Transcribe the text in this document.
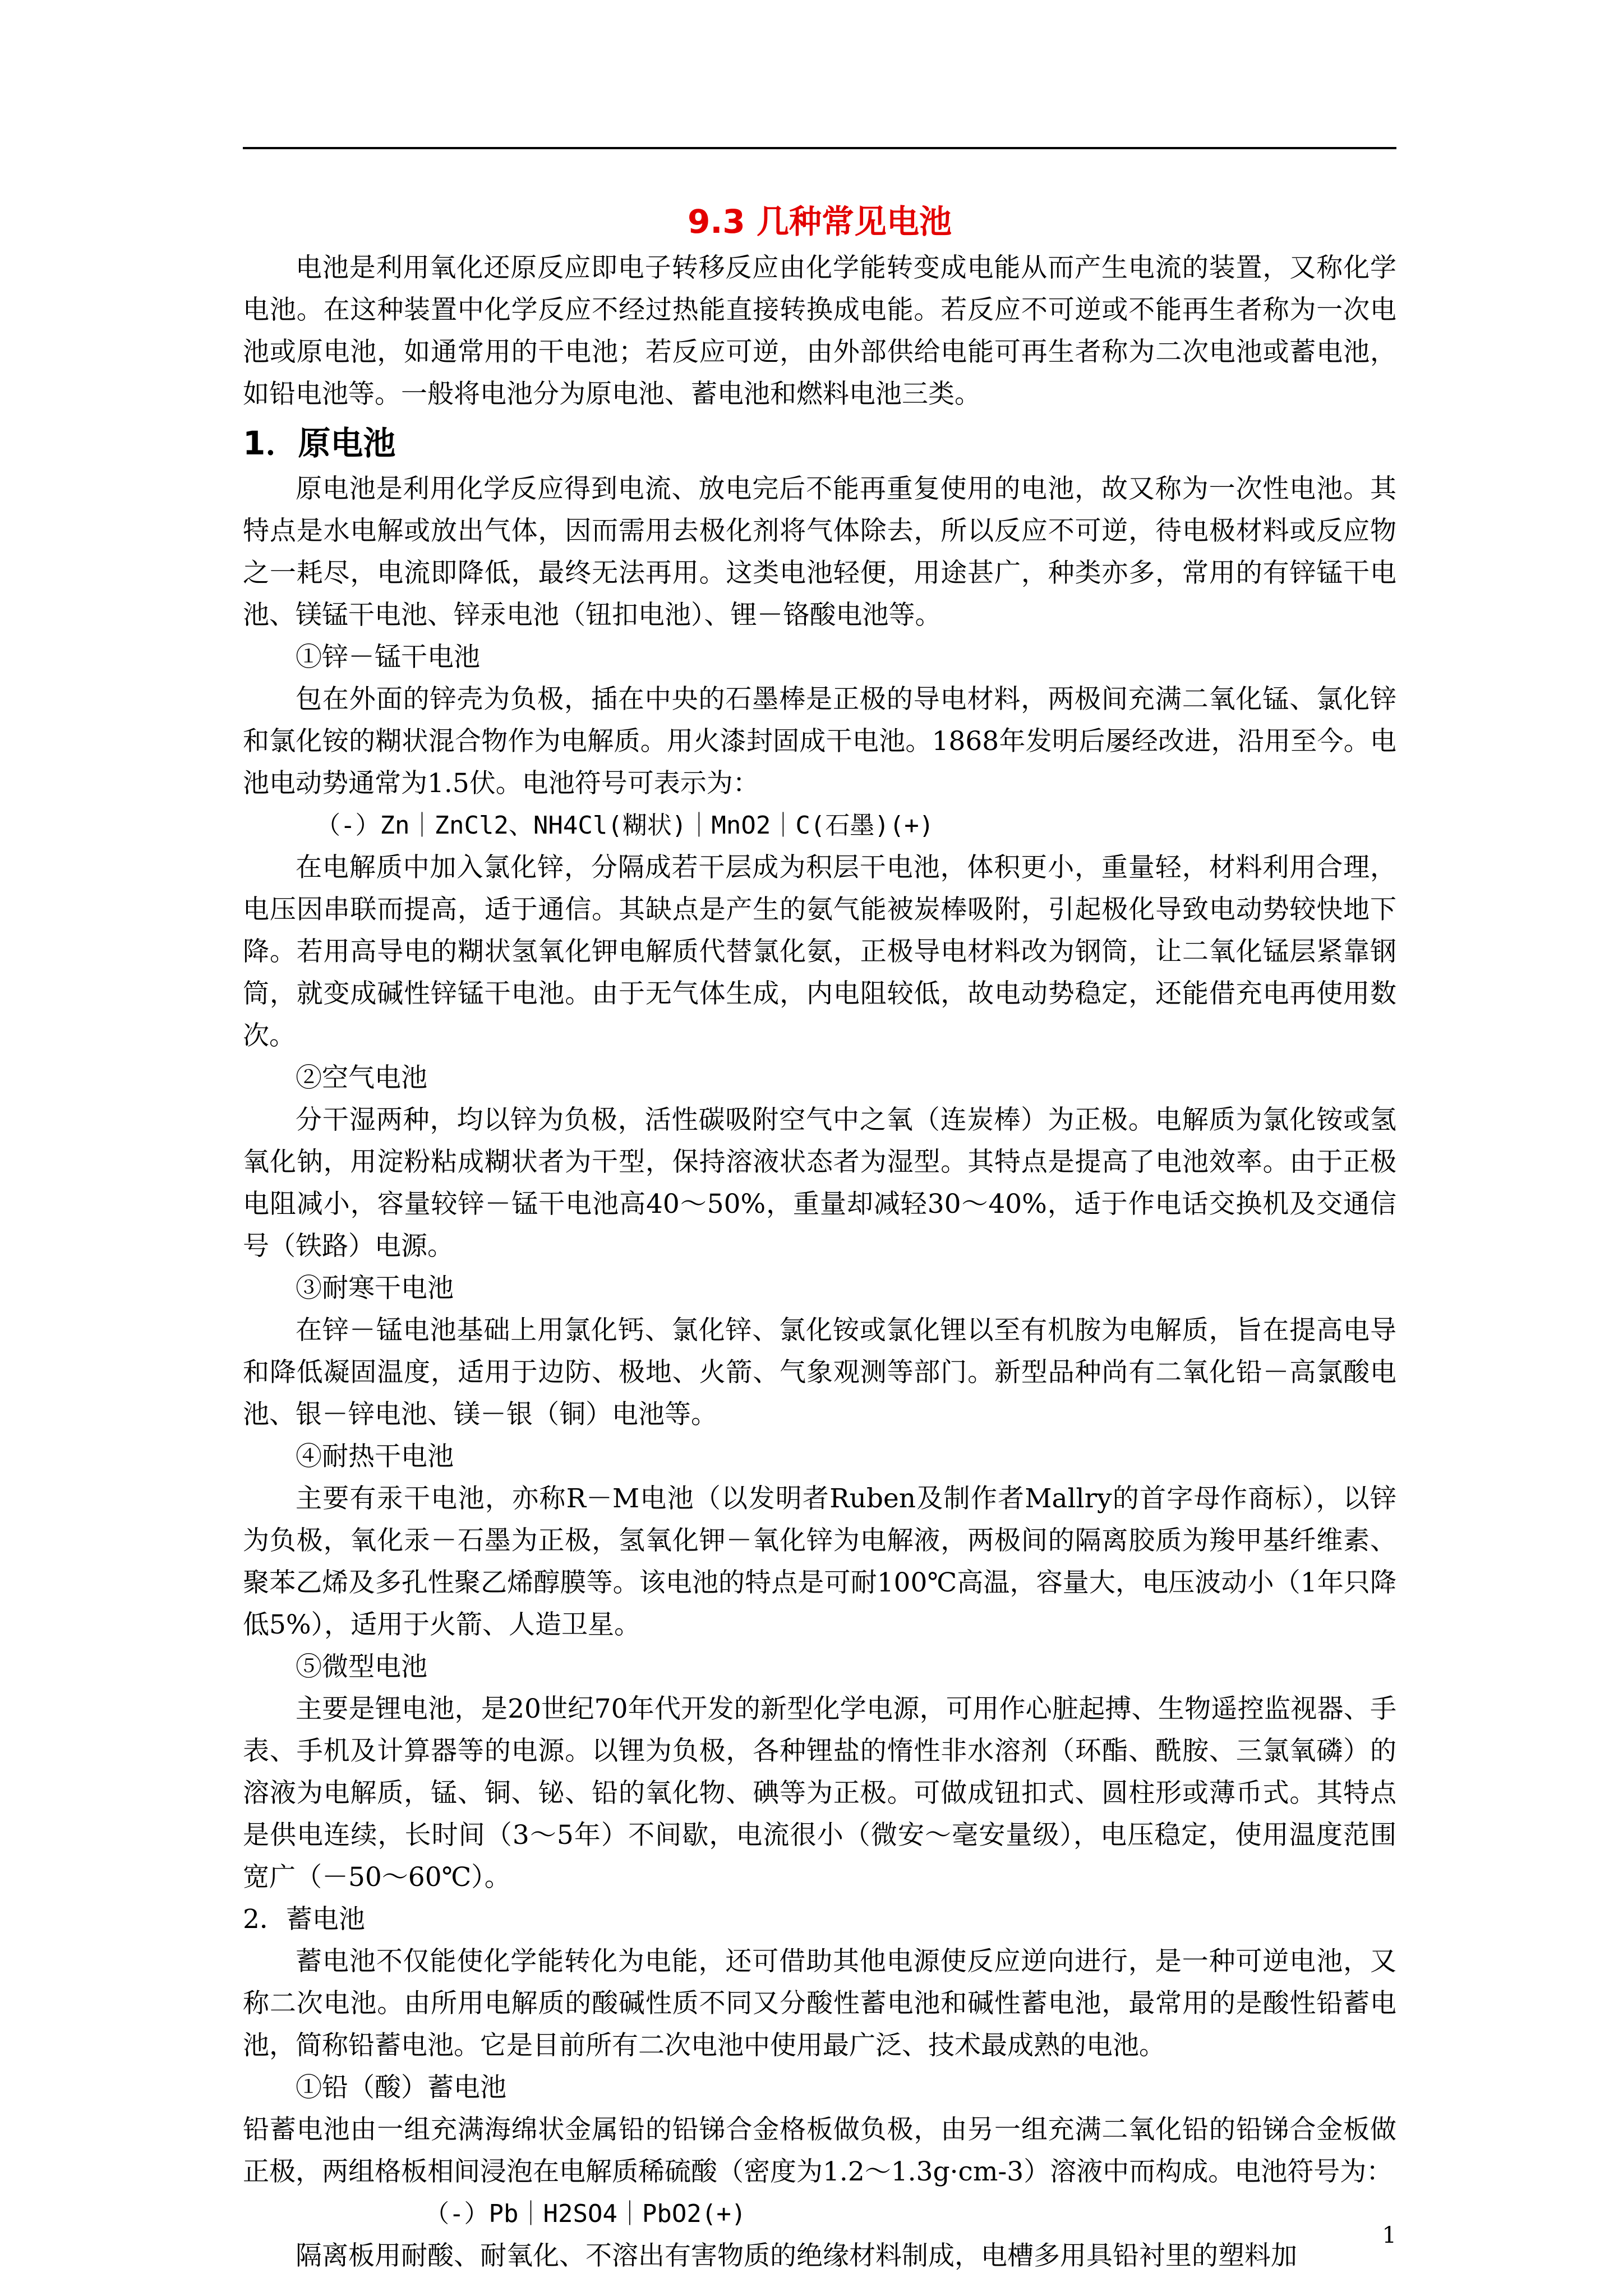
9.3 几种常见电池

电池是利用氧化还原反应即电子转移反应由化学能转变成电能从而产生电流的装置，又称化学电池。在这种装置中化学反应不经过热能直接转换成电能。若反应不可逆或不能再生者称为一次电池或原电池，如通常用的干电池；若反应可逆，由外部供给电能可再生者称为二次电池或蓄电池，如铅电池等。一般将电池分为原电池、蓄电池和燃料电池三类。

1．原电池

原电池是利用化学反应得到电流、放电完后不能再重复使用的电池，故又称为一次性电池。其特点是水电解或放出气体，因而需用去极化剂将气体除去，所以反应不可逆，待电极材料或反应物之一耗尽，电流即降低，最终无法再用。这类电池轻便，用途甚广，种类亦多，常用的有锌锰干电池、镁锰干电池、锌汞电池（钮扣电池）、锂－铬酸电池等。

①锌－锰干电池

包在外面的锌壳为负极，插在中央的石墨棒是正极的导电材料，两极间充满二氧化锰、氯化锌和氯化铵的糊状混合物作为电解质。用火漆封固成干电池。1868年发明后屡经改进，沿用至今。电池电动势通常为1.5伏。电池符号可表示为：

（-）Zn｜ZnCl2、NH4Cl(糊状)｜MnO2｜C(石墨)(+)

在电解质中加入氯化锌，分隔成若干层成为积层干电池，体积更小，重量轻，材料利用合理，电压因串联而提高，适于通信。其缺点是产生的氨气能被炭棒吸附，引起极化导致电动势较快地下降。若用高导电的糊状氢氧化钾电解质代替氯化氨，正极导电材料改为钢筒，让二氧化锰层紧靠钢筒，就变成碱性锌锰干电池。由于无气体生成，内电阻较低，故电动势稳定，还能借充电再使用数次。

②空气电池

分干湿两种，均以锌为负极，活性碳吸附空气中之氧（连炭棒）为正极。电解质为氯化铵或氢氧化钠，用淀粉粘成糊状者为干型，保持溶液状态者为湿型。其特点是提高了电池效率。由于正极电阻减小，容量较锌－锰干电池高40～50%，重量却减轻30～40%，适于作电话交换机及交通信号（铁路）电源。

③耐寒干电池

在锌－锰电池基础上用氯化钙、氯化锌、氯化铵或氯化锂以至有机胺为电解质，旨在提高电导和降低凝固温度，适用于边防、极地、火箭、气象观测等部门。新型品种尚有二氧化铅－高氯酸电池、银－锌电池、镁－银（铜）电池等。

④耐热干电池

主要有汞干电池，亦称R－M电池（以发明者Ruben及制作者Mallry的首字母作商标），以锌为负极，氧化汞－石墨为正极，氢氧化钾－氧化锌为电解液，两极间的隔离胶质为羧甲基纤维素、聚苯乙烯及多孔性聚乙烯醇膜等。该电池的特点是可耐100℃高温，容量大，电压波动小（1年只降低5%），适用于火箭、人造卫星。

⑤微型电池

主要是锂电池，是20世纪70年代开发的新型化学电源，可用作心脏起搏、生物遥控监视器、手表、手机及计算器等的电源。以锂为负极，各种锂盐的惰性非水溶剂（环酯、酰胺、三氯氧磷）的溶液为电解质，锰、铜、铋、铅的氧化物、碘等为正极。可做成钮扣式、圆柱形或薄币式。其特点是供电连续，长时间（3～5年）不间歇，电流很小（微安～毫安量级），电压稳定，使用温度范围宽广（－50～60℃）。

2．蓄电池

蓄电池不仅能使化学能转化为电能，还可借助其他电源使反应逆向进行，是一种可逆电池，又称二次电池。由所用电解质的酸碱性质不同又分酸性蓄电池和碱性蓄电池，最常用的是酸性铅蓄电池，简称铅蓄电池。它是目前所有二次电池中使用最广泛、技术最成熟的电池。

①铅（酸）蓄电池

铅蓄电池由一组充满海绵状金属铅的铅锑合金格板做负极，由另一组充满二氧化铅的铅锑合金板做正极，两组格板相间浸泡在电解质稀硫酸（密度为1.2～1.3g·cm-3）溶液中而构成。电池符号为：

（-）Pb｜H2SO4｜PbO2(+)

隔离板用耐酸、耐氧化、不溶出有害物质的绝缘材料制成，电槽多用具铅衬里的塑料加

1
